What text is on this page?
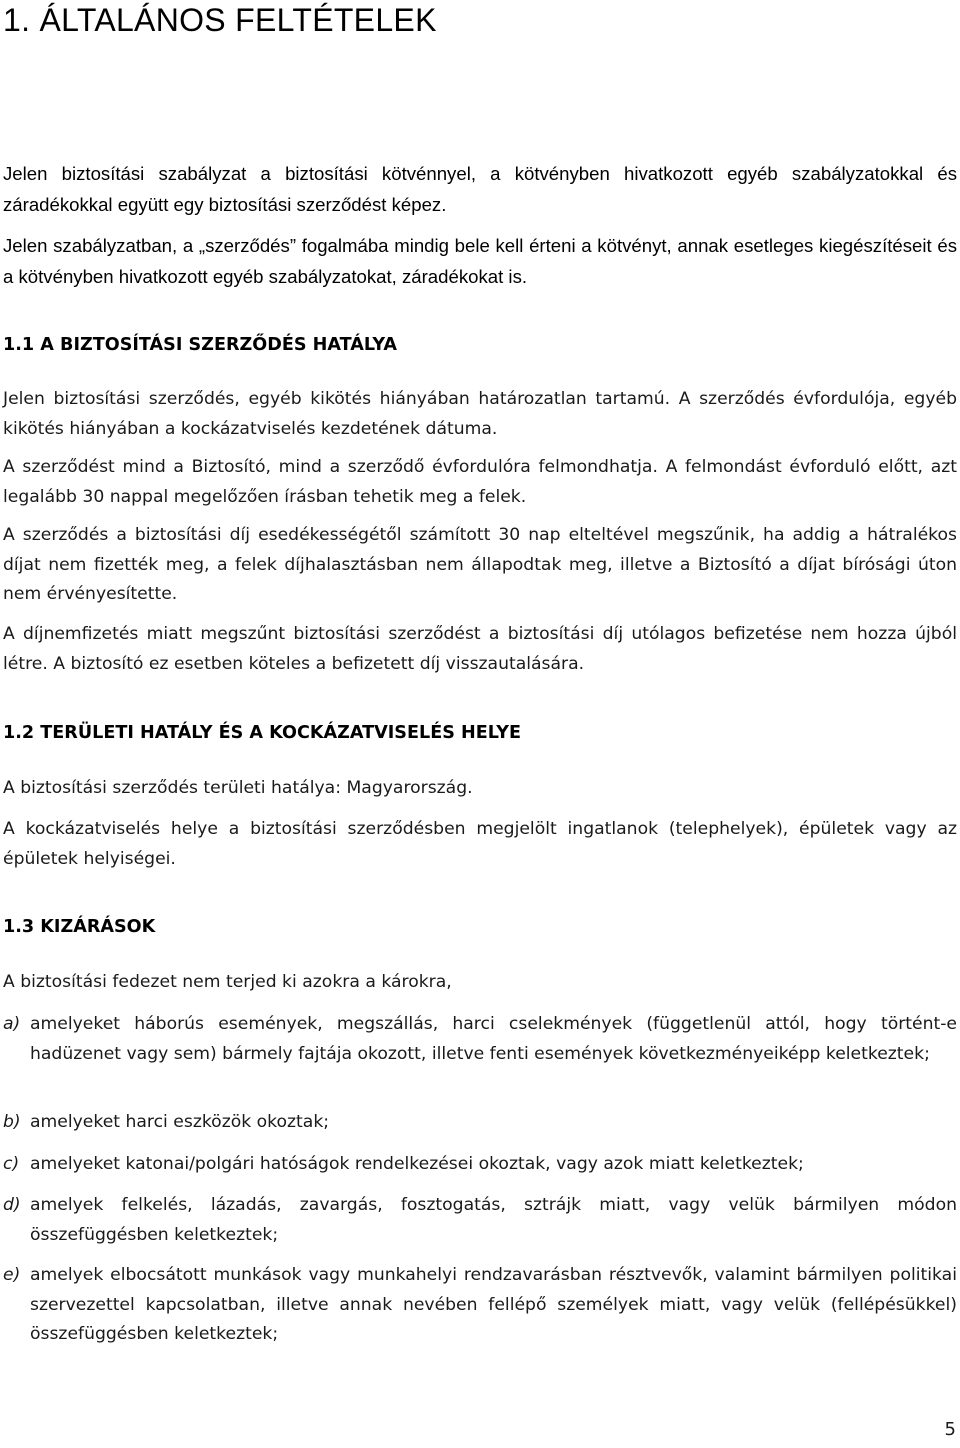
1. ÁLTALÁNOS FELTÉTELEK

Jelen biztosítási szabályzat a biztosítási kötvénnyel, a kötvényben hivatkozott egyéb szabályzatokkal és záradékokkal együtt egy biztosítási szerződést képez.

Jelen szabályzatban, a „szerződés” fogalmába mindig bele kell érteni a kötvényt, annak esetleges kiegészítéseit és a kötvényben hivatkozott egyéb szabályzatokat, záradékokat is.

1.1 A BIZTOSÍTÁSI SZERZŐDÉS HATÁLYA

Jelen biztosítási szerződés, egyéb kikötés hiányában határozatlan tartamú. A szerződés évfordulója, egyéb kikötés hiányában a kockázatviselés kezdetének dátuma.

A szerződést mind a Biztosító, mind a szerződő évfordulóra felmondhatja. A felmondást évforduló előtt, azt legalább 30 nappal megelőzően írásban tehetik meg a felek.

A szerződés a biztosítási díj esedékességétől számított 30 nap elteltével megszűnik, ha addig a hátralékos díjat nem fizették meg, a felek díjhalasztásban nem állapodtak meg, illetve a Biztosító a díjat bírósági úton nem érvényesítette.

A díjnemfizetés miatt megszűnt biztosítási szerződést a biztosítási díj utólagos befizetése nem hozza újból létre. A biztosító ez esetben köteles a befizetett díj visszautalására.

1.2 TERÜLETI HATÁLY ÉS A KOCKÁZATVISELÉS HELYE

A biztosítási szerződés területi hatálya: Magyarország.

A kockázatviselés helye a biztosítási szerződésben megjelölt ingatlanok (telephelyek), épületek vagy az épületek helyiségei.

1.3 KIZÁRÁSOK

A biztosítási fedezet nem terjed ki azokra a károkra,

a) amelyeket háborús események, megszállás, harci cselekmények (függetlenül attól, hogy történt-e hadüzenet vagy sem) bármely fajtája okozott, illetve fenti események következményeiképp keletkeztek;
b) amelyeket harci eszközök okoztak;
c) amelyeket katonai/polgári hatóságok rendelkezései okoztak, vagy azok miatt keletkeztek;
d) amelyek felkelés, lázadás, zavargás, fosztogatás, sztrájk miatt, vagy velük bármilyen módon összefüggésben keletkeztek;
e) amelyek elbocsátott munkások vagy munkahelyi rendzavarásban résztvevők, valamint bármilyen politikai szervezettel kapcsolatban, illetve annak nevében fellépő személyek miatt, vagy velük (fellépésükkel) összefüggésben keletkeztek;
5
